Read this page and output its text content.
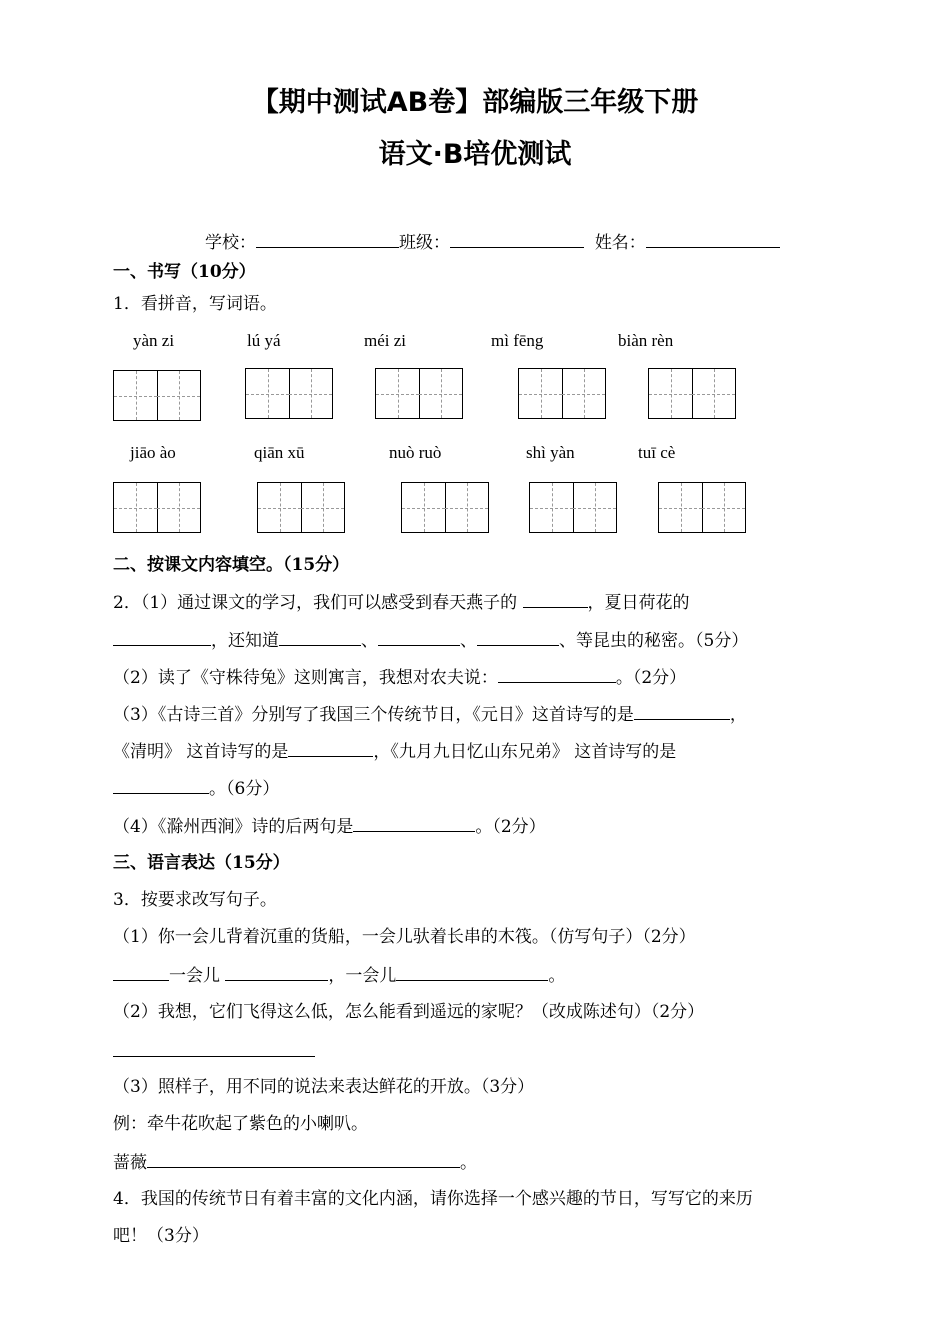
【期中测试AB卷】部编版三年级下册
语文·B培优测试
学校：	班级：	姓名：
一、书写（10分）
1．看拼音，写词语。
yàn zi	lú yá	méi zi	mì fēng	biàn rèn
jiāo ào	qiān xū	nuò ruò	shì yàn	tuī cè
二、按课文内容填空。（15分）
2．（1）通过课文的学习，我们可以感受到春天燕子的	，夏日荷花的
，还知道	、	、	、等昆虫的秘密。（5分）
（2）读了《守株待兔》这则寓言，我想对农夫说：	。（2分）
（3）《古诗三首》分别写了我国三个传统节日，《元日》这首诗写的是	，
《清明》 这首诗写的是	，《九月九日忆山东兄弟》 这首诗写的是
。（6分）
（4）《滁州西涧》诗的后两句是	。（2分）
三、语言表达（15分）
3．按要求改写句子。
（1）你一会儿背着沉重的货船，一会儿驮着长串的木筏。（仿写句子）（2分）
一会儿	，一会儿	。
（2）我想，它们飞得这么低，怎么能看到遥远的家呢？（改成陈述句）（2分）
（3）照样子，用不同的说法来表达鲜花的开放。（3分）
例：牵牛花吹起了紫色的小喇叭。
蔷薇	。
4．我国的传统节日有着丰富的文化内涵，请你选择一个感兴趣的节日，写写它的来历
吧！（3分）
